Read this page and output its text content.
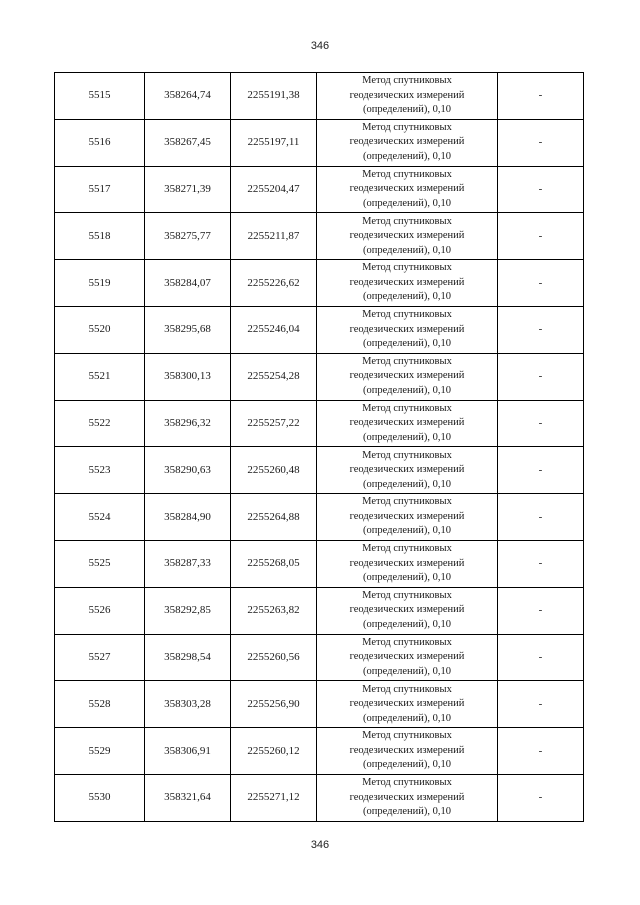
346
5515	358264,74	2255191,38	Метод спутниковых
геодезических измерений
(определений), 0,10	-
5516	358267,45	2255197,11	Метод спутниковых
геодезических измерений
(определений), 0,10	-
5517	358271,39	2255204,47	Метод спутниковых
геодезических измерений
(определений), 0,10	-
5518	358275,77	2255211,87	Метод спутниковых
геодезических измерений
(определений), 0,10	-
5519	358284,07	2255226,62	Метод спутниковых
геодезических измерений
(определений), 0,10	-
5520	358295,68	2255246,04	Метод спутниковых
геодезических измерений
(определений), 0,10	-
5521	358300,13	2255254,28	Метод спутниковых
геодезических измерений
(определений), 0,10	-
5522	358296,32	2255257,22	Метод спутниковых
геодезических измерений
(определений), 0,10	-
5523	358290,63	2255260,48	Метод спутниковых
геодезических измерений
(определений), 0,10	-
5524	358284,90	2255264,88	Метод спутниковых
геодезических измерений
(определений), 0,10	-
5525	358287,33	2255268,05	Метод спутниковых
геодезических измерений
(определений), 0,10	-
5526	358292,85	2255263,82	Метод спутниковых
геодезических измерений
(определений), 0,10	-
5527	358298,54	2255260,56	Метод спутниковых
геодезических измерений
(определений), 0,10	-
5528	358303,28	2255256,90	Метод спутниковых
геодезических измерений
(определений), 0,10	-
5529	358306,91	2255260,12	Метод спутниковых
геодезических измерений
(определений), 0,10	-
5530	358321,64	2255271,12	Метод спутниковых
геодезических измерений
(определений), 0,10	-
346
